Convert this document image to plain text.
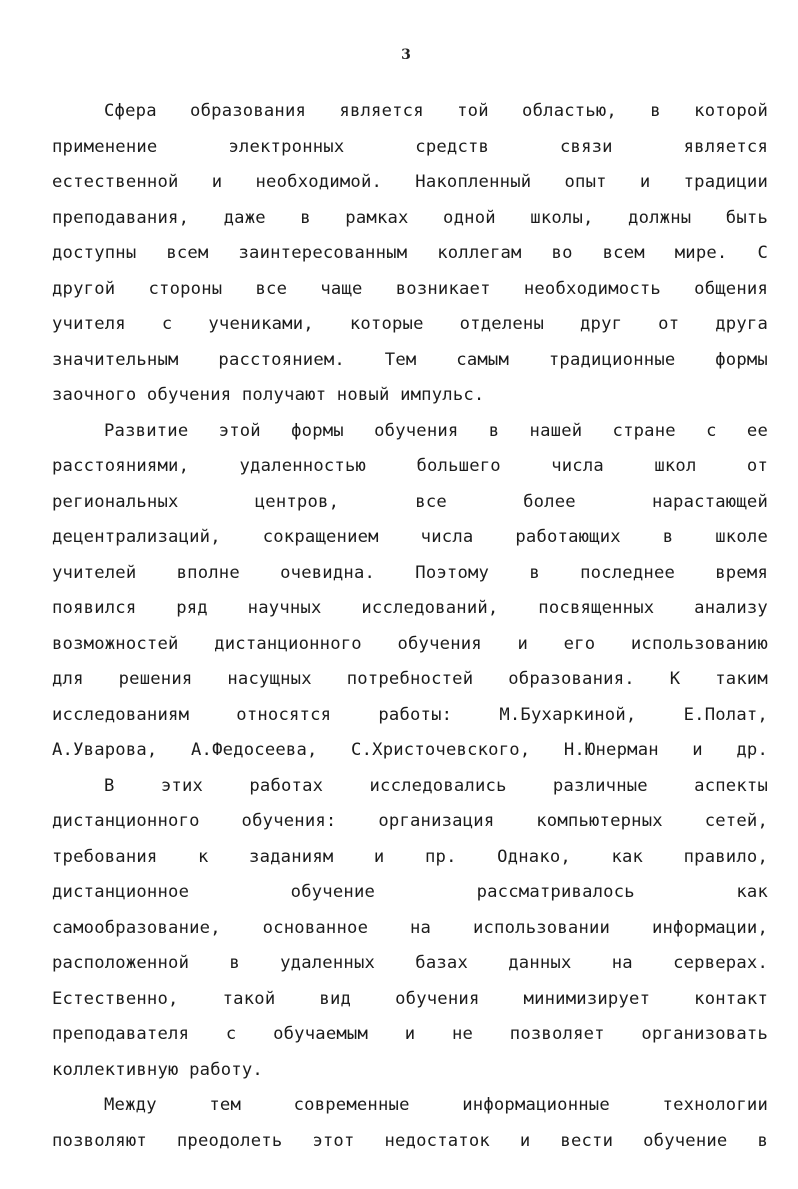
3
Сфера образования является той областью, в которой
применение электронных средств связи является
естественной и необходимой. Накопленный опыт и традиции
преподавания, даже в рамках одной школы, должны быть
доступны всем заинтересованным коллегам во всем мире. С
другой стороны все чаще возникает необходимость общения
учителя с учениками, которые отделены друг от друга
значительным расстоянием. Тем самым традиционные формы
заочного обучения получают новый импульс.
Развитие этой формы обучения в нашей стране с ее
расстояниями, удаленностью большего числа школ от
региональных центров, все более нарастающей
децентрализаций, сокращением числа работающих в школе
учителей вполне очевидна. Поэтому в последнее время
появился ряд научных исследований, посвященных анализу
возможностей дистанционного обучения и его использованию
для решения насущных потребностей образования. К таким
исследованиям относятся работы: М.Бухаркиной, Е.Полат,
А.Уварова, А.Федосеева, С.Христочевского, Н.Юнерман и др.
В этих работах исследовались различные аспекты
дистанционного обучения: организация компьютерных сетей,
требования к заданиям и пр. Однако, как правило,
дистанционное обучение рассматривалось как
самообразование, основанное на использовании информации,
расположенной в удаленных базах данных на серверах.
Естественно, такой вид обучения минимизирует контакт
преподавателя с обучаемым и не позволяет организовать
коллективную работу.
Между тем современные информационные технологии
позволяют преодолеть этот недостаток и вести обучение в
